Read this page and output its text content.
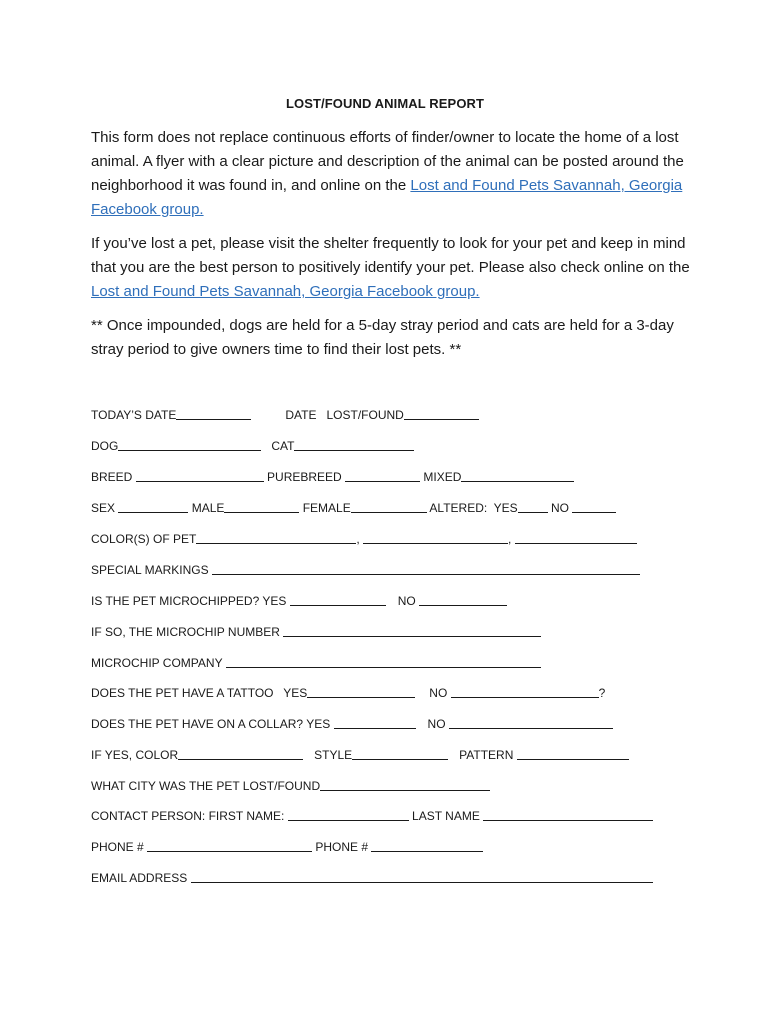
LOST/FOUND ANIMAL REPORT

This form does not replace continuous efforts of finder/owner to locate the home of a lost animal. A flyer with a clear picture and description of the animal can be posted around the neighborhood it was found in, and online on the Lost and Found Pets Savannah, Georgia Facebook group.

If you’ve lost a pet, please visit the shelter frequently to look for your pet and keep in mind that you are the best person to positively identify your pet. Please also check online on the Lost and Found Pets Savannah, Georgia Facebook group.

** Once impounded, dogs are held for a 5-day stray period and cats are held for a 3-day stray period to give owners time to find their lost pets. **

TODAY’S DATE	DATE   LOST/FOUND
DOG	CAT
BREED	PUREBREED	MIXED
SEX	MALE	FEMALE	ALTERED:  YES	NO
COLOR(S) OF PET	,	,
SPECIAL MARKINGS
IS THE PET MICROCHIPPED? YES	NO
IF SO, THE MICROCHIP NUMBER
MICROCHIP COMPANY
DOES THE PET HAVE A TATTOO   YES	NO	?
DOES THE PET HAVE ON A COLLAR? YES	NO
IF YES, COLOR	STYLE	PATTERN
WHAT CITY WAS THE PET LOST/FOUND
CONTACT PERSON: FIRST NAME:	LAST NAME
PHONE #	PHONE #
EMAIL ADDRESS
